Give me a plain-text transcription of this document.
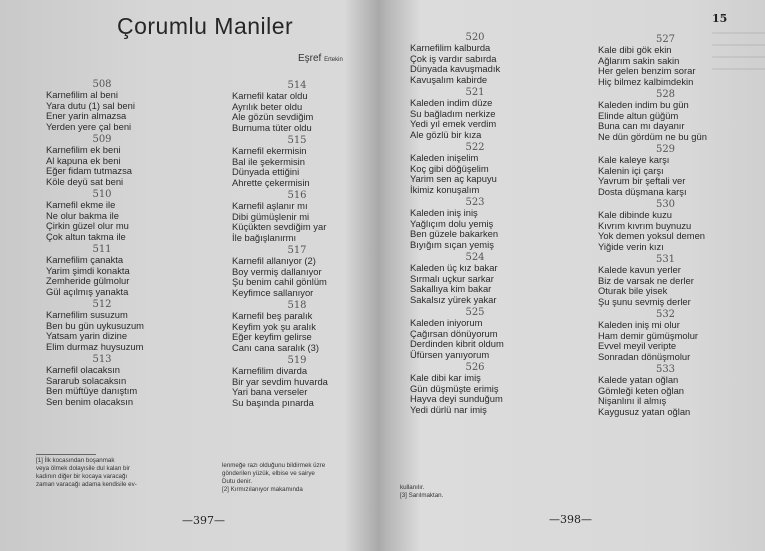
Çorumlu Maniler
Eşref Ertekin
508
Karnefilim al beni
Yara dutu (1) sal beni
Ener yarin almazsa
Yerden yere çal beni
509
Karnefilim ek beni
Al kapuna ek beni
Eğer fidam tutmazsa
Köle deyü sat beni
510
Karnefil ekme ile
Ne olur bakma ile
Çirkin güzel olur mu
Çok altun takma ile
511
Karnefilim çanakta
Yarim şimdi konakta
Zemheride gülmolur
Gül açılmış yanakta
512
Karnefilim susuzum
Ben bu gün uykusuzum
Yatsam yarin dizine
Elim durmaz huysuzum
513
Karnefil olacaksın
Sararub solacaksın
Ben müftüye danıştım
Sen benim olacaksın
514
Karnefil katar oldu
Ayrılık beter oldu
Ale gözün sevdiğim
Burnuma tüter oldu
515
Karnefil ekermisin
Bal ile şekermisin
Dünyada ettiğini
Ahrette çekermisin
516
Karnefil aşlanır mı
Dibi gümüşlenir mi
Küçükten sevdiğim yar
İle bağışlanırmı
517
Karnefil allanıyor (2)
Boy vermiş dallanıyor
Şu benim cahil gönlüm
Keyfimce sallanıyor
518
Karnefil beş paralık
Keyfim yok şu aralık
Eğer keyfim gelirse
Canı cana saralık (3)
519
Karnefilim divarda
Bir yar sevdim huvarda
Yari bana verseler
Su başında pınarda
[1] İlk kocasından boşanmak
veya ölmek dolayısile dul kalan bir
kadının diğer bir kocaya varacağı
zaman varacağı adama kendisile ev-
lenmeğe razı olduğunu bildirmek üzre
gönderilen yüzük, elbise ve sairye
Dutu denir.
[2] Kırmızılanıyor makamında
—397—
520
Karnefilim kalburda
Çok iş vardır sabırda
Dünyada kavuşmadık
Kavuşalım kabirde
521
Kaleden indim düze
Su bağladım nerkize
Yedi yıl emek verdim
Ale gözlü bir kıza
522
Kaleden inişelim
Koç gibi döğüşelim
Yarim sen aç kapuyu
İkimiz konuşalım
523
Kaleden iniş iniş
Yağlıçım dolu yemiş
Ben güzele bakarken
Bıyığım sıçan yemiş
524
Kaleden üç kız bakar
Sırmalı uçkur sarkar
Sakallıya kim bakar
Sakalsız yürek yakar
525
Kaleden iniyorum
Çağırsan dönüyorum
Derdinden kibrit oldum
Üfürsen yanıyorum
526
Kale dibi kar imiş
Gün düşmüşte erimiş
Hayva deyi sunduğum
Yedi dürlü nar imiş
527
Kale dibi gök ekin
Ağlarım sakin sakin
Her gelen benzim sorar
Hiç bilmez kalbimdekin
528
Kaleden indim bu gün
Elinde altun güğüm
Buna can mı dayanır
Ne dün gördüm ne bu gün
529
Kale kaleye karşı
Kalenin içi çarşı
Yavrum bir şeftali ver
Dosta düşmana karşı
530
Kale dibinde kuzu
Kıvrım kıvrım buynuzu
Yok demen yoksul demen
Yiğide verin kızı
531
Kalede kavun yerler
Biz de varsak ne derler
Oturak bile yisek
Şu şunu sevmiş derler
532
Kaleden iniş mi olur
Ham demir gümüşmolur
Evvel meyil veripte
Sonradan dönüşmolur
533
Kalede yatan oğlan
Gömleği keten oğlan
Nişanlını il almış
Kaygusuz yatan oğlan
kullanılır.
[3] Sarılmaktan.
—398—
15
